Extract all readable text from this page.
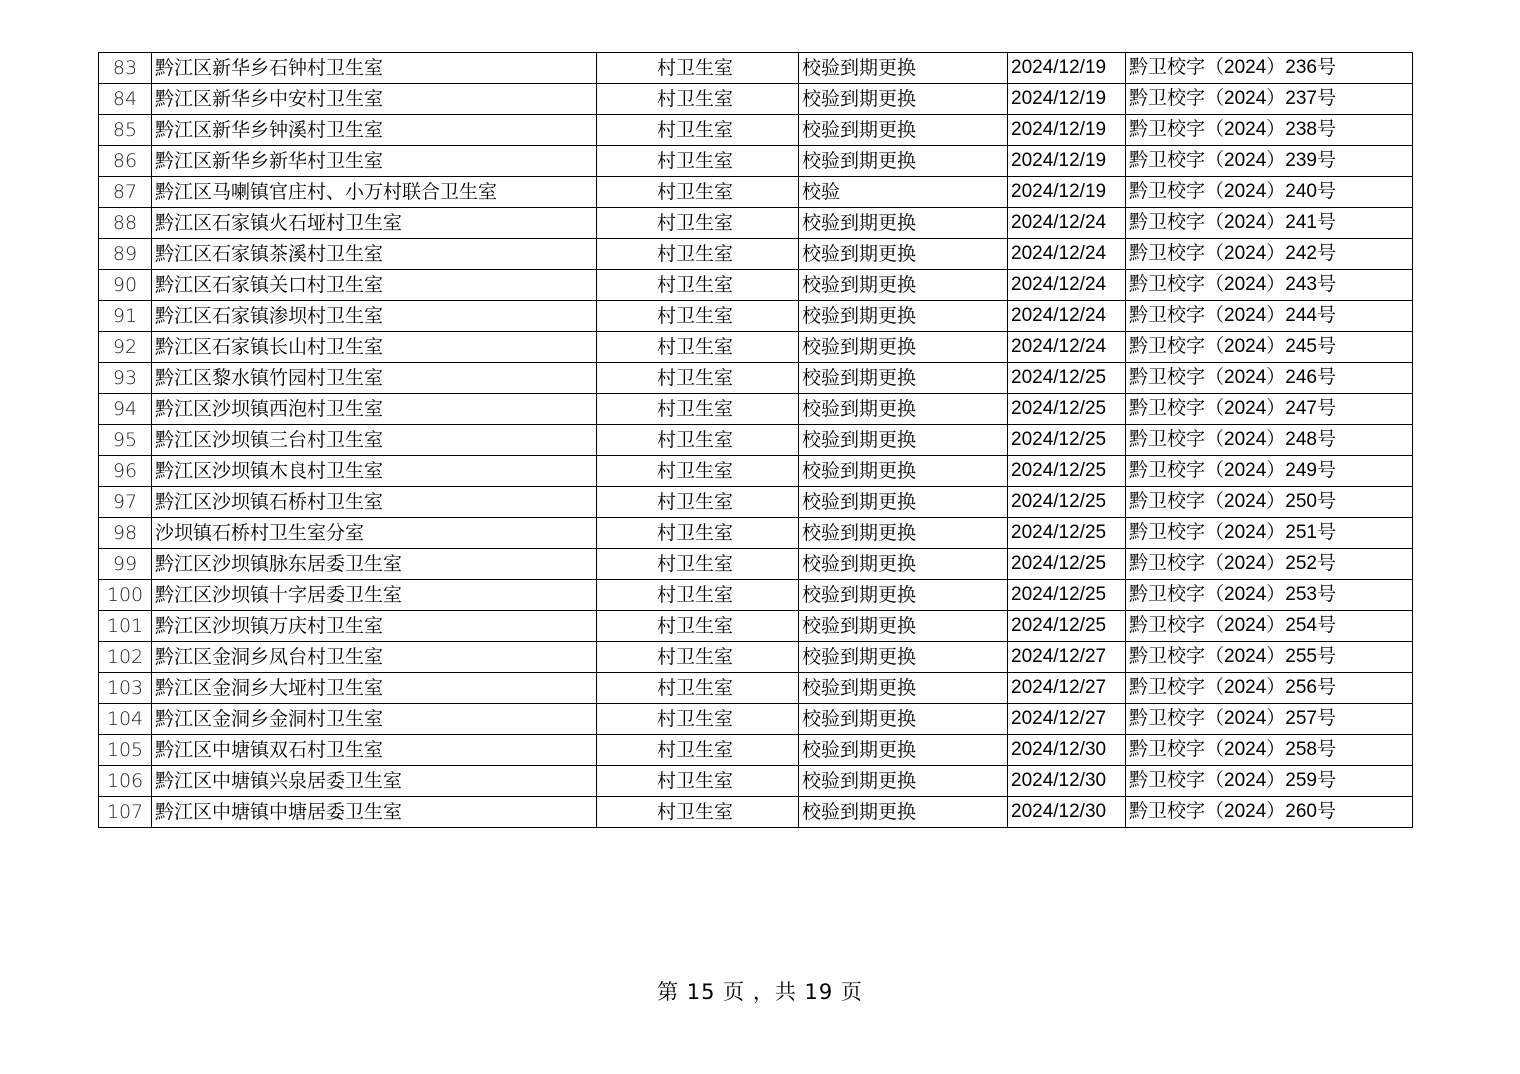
83	黔江区新华乡石钟村卫生室	村卫生室	校验到期更换	2024/12/19	黔卫校字（2024）236号
84	黔江区新华乡中安村卫生室	村卫生室	校验到期更换	2024/12/19	黔卫校字（2024）237号
85	黔江区新华乡钟溪村卫生室	村卫生室	校验到期更换	2024/12/19	黔卫校字（2024）238号
86	黔江区新华乡新华村卫生室	村卫生室	校验到期更换	2024/12/19	黔卫校字（2024）239号
87	黔江区马喇镇官庄村、小万村联合卫生室	村卫生室	校验	2024/12/19	黔卫校字（2024）240号
88	黔江区石家镇火石垭村卫生室	村卫生室	校验到期更换	2024/12/24	黔卫校字（2024）241号
89	黔江区石家镇茶溪村卫生室	村卫生室	校验到期更换	2024/12/24	黔卫校字（2024）242号
90	黔江区石家镇关口村卫生室	村卫生室	校验到期更换	2024/12/24	黔卫校字（2024）243号
91	黔江区石家镇渗坝村卫生室	村卫生室	校验到期更换	2024/12/24	黔卫校字（2024）244号
92	黔江区石家镇长山村卫生室	村卫生室	校验到期更换	2024/12/24	黔卫校字（2024）245号
93	黔江区黎水镇竹园村卫生室	村卫生室	校验到期更换	2024/12/25	黔卫校字（2024）246号
94	黔江区沙坝镇西泡村卫生室	村卫生室	校验到期更换	2024/12/25	黔卫校字（2024）247号
95	黔江区沙坝镇三台村卫生室	村卫生室	校验到期更换	2024/12/25	黔卫校字（2024）248号
96	黔江区沙坝镇木良村卫生室	村卫生室	校验到期更换	2024/12/25	黔卫校字（2024）249号
97	黔江区沙坝镇石桥村卫生室	村卫生室	校验到期更换	2024/12/25	黔卫校字（2024）250号
98	沙坝镇石桥村卫生室分室	村卫生室	校验到期更换	2024/12/25	黔卫校字（2024）251号
99	黔江区沙坝镇脉东居委卫生室	村卫生室	校验到期更换	2024/12/25	黔卫校字（2024）252号
100	黔江区沙坝镇十字居委卫生室	村卫生室	校验到期更换	2024/12/25	黔卫校字（2024）253号
101	黔江区沙坝镇万庆村卫生室	村卫生室	校验到期更换	2024/12/25	黔卫校字（2024）254号
102	黔江区金洞乡凤台村卫生室	村卫生室	校验到期更换	2024/12/27	黔卫校字（2024）255号
103	黔江区金洞乡大垭村卫生室	村卫生室	校验到期更换	2024/12/27	黔卫校字（2024）256号
104	黔江区金洞乡金洞村卫生室	村卫生室	校验到期更换	2024/12/27	黔卫校字（2024）257号
105	黔江区中塘镇双石村卫生室	村卫生室	校验到期更换	2024/12/30	黔卫校字（2024）258号
106	黔江区中塘镇兴泉居委卫生室	村卫生室	校验到期更换	2024/12/30	黔卫校字（2024）259号
107	黔江区中塘镇中塘居委卫生室	村卫生室	校验到期更换	2024/12/30	黔卫校字（2024）260号
第 15 页 ，共 19 页
